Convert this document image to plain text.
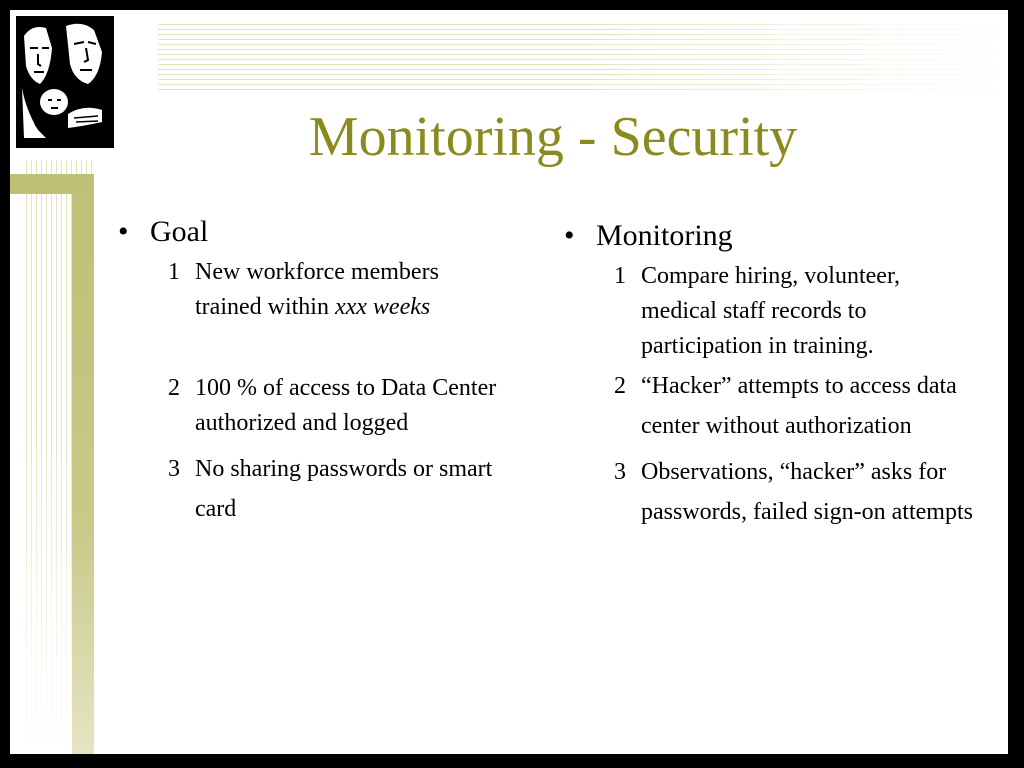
Monitoring - Security
• Goal
1 New workforce members trained within xxx weeks
2 100 % of access to Data Center authorized and logged
3 No sharing passwords or smart card
• Monitoring
1 Compare hiring, volunteer, medical staff records to participation in training.
2 “Hacker” attempts to access data center without authorization
3 Observations, “hacker” asks for passwords, failed sign-on attempts
